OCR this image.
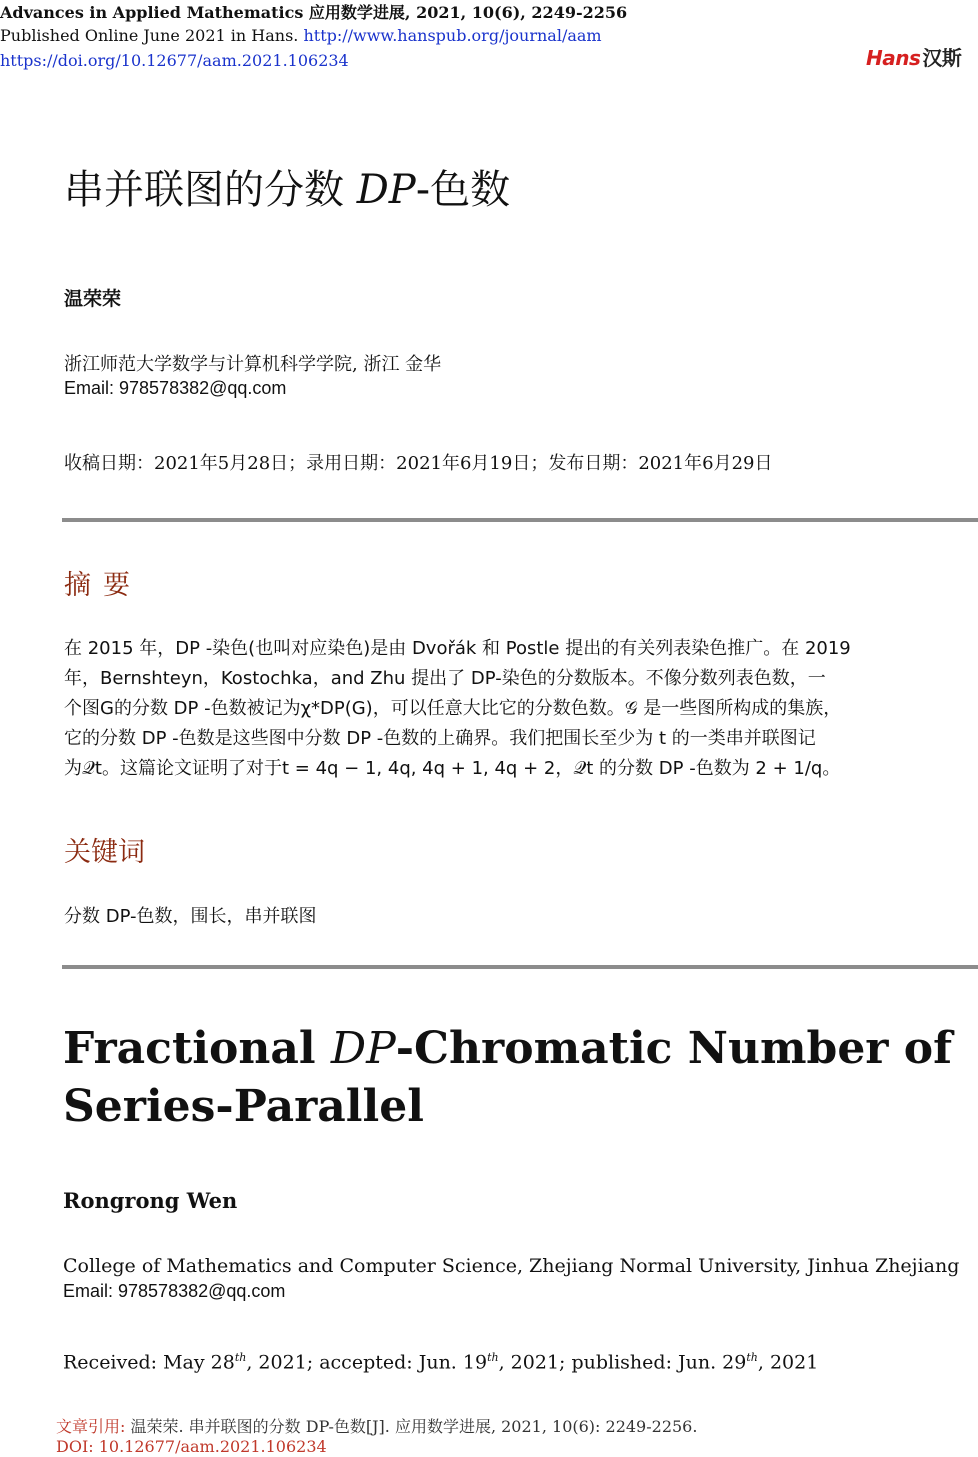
Advances in Applied Mathematics 应用数学进展, 2021, 10(6), 2249-2256
Published Online June 2021 in Hans. http://www.hanspub.org/journal/aam
https://doi.org/10.12677/aam.2021.106234	Hans 汉斯
串并联图的分数 DP-色数
温荣荣
浙江师范大学数学与计算机科学学院, 浙江 金华
Email: 978578382@qq.com
收稿日期：2021年5月28日；录用日期：2021年6月19日；发布日期：2021年6月29日
摘要
在 2015 年，DP -染色(也叫对应染色)是由 Dvořák 和 Postle 提出的有关列表染色推广。在 2019
年，Bernshteyn，Kostochka，and Zhu 提出了 DP-染色的分数版本。不像分数列表色数，一
个图G的分数 DP -色数被记为χ*DP(G)，可以任意大比它的分数色数。𝒢 是一些图所构成的集族，
它的分数 DP -色数是这些图中分数 DP -色数的上确界。我们把围长至少为 t 的一类串并联图记
为𝒬t。这篇论文证明了对于t = 4q − 1, 4q, 4q + 1, 4q + 2，𝒬t 的分数 DP -色数为 2 + 1/q。
关键词
分数 DP-色数，围长，串并联图
Fractional DP-Chromatic Number of
Series-Parallel
Rongrong Wen
College of Mathematics and Computer Science, Zhejiang Normal University, Jinhua Zhejiang
Email: 978578382@qq.com
Received: May 28th, 2021; accepted: Jun. 19th, 2021; published: Jun. 29th, 2021
文章引用: 温荣荣. 串并联图的分数 DP-色数[J]. 应用数学进展, 2021, 10(6): 2249-2256.
DOI: 10.12677/aam.2021.106234
